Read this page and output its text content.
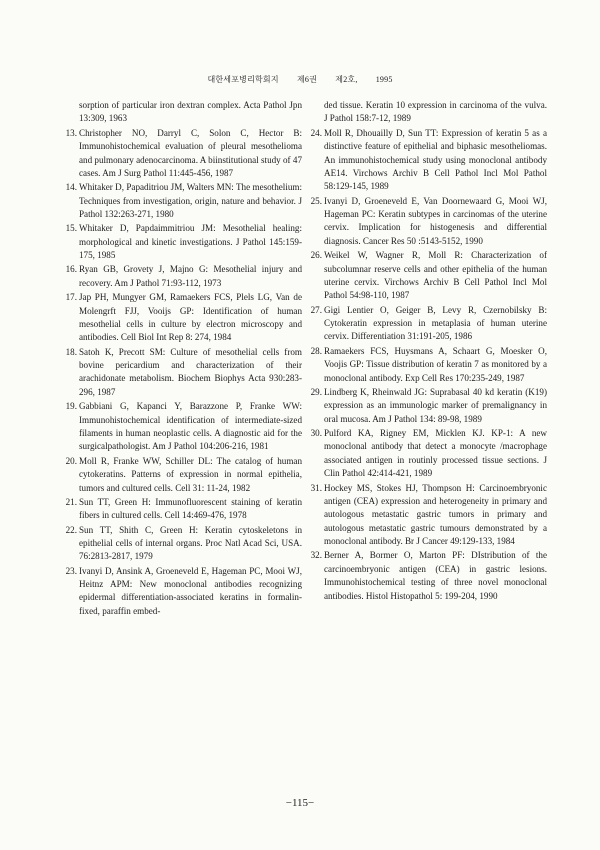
대한세포병리학회지 제6권 제2호, 1995
sorption of particular iron dextran complex. Acta Pathol Jpn 13:309, 1963
13. Christopher NO, Darryl C, Solon C, Hector B: Immunohistochemical evaluation of pleural mesothelioma and pulmonary adenocarcinoma. A biinstitutional study of 47 cases. Am J Surg Pathol 11:445-456, 1987
14. Whitaker D, Papaditriou JM, Walters MN: The mesothelium: Techniques from investigation, origin, nature and behavior. J Pathol 132:263-271, 1980
15. Whitaker D, Papdaimmitriou JM: Mesothelial healing: morphological and kinetic investigations. J Pathol 145:159-175, 1985
16. Ryan GB, Grovety J, Majno G: Mesothelial injury and recovery. Am J Pathol 71:93-112, 1973
17. Jap PH, Mungyer GM, Ramaekers FCS, Plels LG, Van de Molengrft FJJ, Vooijs GP: Identification of human mesothelial cells in culture by electron microscopy and antibodies. Cell Biol Int Rep 8: 274, 1984
18. Satoh K, Precott SM: Culture of mesothelial cells from bovine pericardium and characterization of their arachidonate metabolism. Biochem Biophys Acta 930:283-296, 1987
19. Gabbiani G, Kapanci Y, Barazzone P, Franke WW: Immunohistochemical identification of intermediate-sized filaments in human neoplastic cells. A diagnostic aid for the surgicalpathologist. Am J Pathol 104:206-216, 1981
20. Moll R, Franke WW, Schiller DL: The catalog of human cytokeratins. Patterns of expression in normal epithelia, tumors and cultured cells. Cell 31: 11-24, 1982
21. Sun TT, Green H: Immunofluorescent staining of keratin fibers in cultured cells. Cell 14:469-476, 1978
22. Sun TT, Shith C, Green H: Keratin cytoskeletons in epithelial cells of internal organs. Proc Natl Acad Sci, USA. 76:2813-2817, 1979
23. Ivanyi D, Ansink A, Groeneveld E, Hageman PC, Mooi WJ, Heitnz APM: New monoclonal antibodies recognizing epidermal differentiation-associated keratins in formalin-fixed, paraffin embed-
ded tissue. Keratin 10 expression in carcinoma of the vulva. J Pathol 158:7-12, 1989
24. Moll R, Dhouailly D, Sun TT: Expression of keratin 5 as a distinctive feature of epithelial and biphasic mesotheliomas. An immunohistochemical study using monoclonal antibody AE14. Virchows Archiv B Cell Pathol Incl Mol Pathol 58:129-145, 1989
25. Ivanyi D, Groeneveld E, Van Doornewaard G, Mooi WJ, Hageman PC: Keratin subtypes in carcinomas of the uterine cervix. Implication for histogenesis and differential diagnosis. Cancer Res 50 :5143-5152, 1990
26. Weikel W, Wagner R, Moll R: Characterization of subcolumnar reserve cells and other epithelia of the human uterine cervix. Virchows Archiv B Cell Pathol Incl Mol Pathol 54:98-110, 1987
27. Gigi Lentier O, Geiger B, Levy R, Czernobilsky B: Cytokeratin expression in metaplasia of human uterine cervix. Differentiation 31:191-205, 1986
28. Ramaekers FCS, Huysmans A, Schaart G, Moesker O, Voojis GP: Tissue distribution of keratin 7 as monitored by a monoclonal antibody. Exp Cell Res 170:235-249, 1987
29. Lindberg K, Rheinwald JG: Suprabasal 40 kd keratin (K19) expression as an immunologic marker of premalignancy in oral mucosa. Am J Pathol 134: 89-98, 1989
30. Pulford KA, Rigney EM, Micklen KJ. KP-1: A new monoclonal antibody that detect a monocyte /macrophage associated antigen in routinly processed tissue sections. J Clin Pathol 42:414-421, 1989
31. Hockey MS, Stokes HJ, Thompson H: Carcinoembryonic antigen (CEA) expression and heterogeneity in primary and autologous metastatic gastric tumors in primary and autologous metastatic gastric tumours demonstrated by a monoclonal antibody. Br J Cancer 49:129-133, 1984
32. Berner A, Bormer O, Marton PF: DIstribution of the carcinoembryonic antigen (CEA) in gastric lesions. Immunohistochemical testing of three novel monoclonal antibodies. Histol Histopathol 5: 199-204, 1990
−115−
